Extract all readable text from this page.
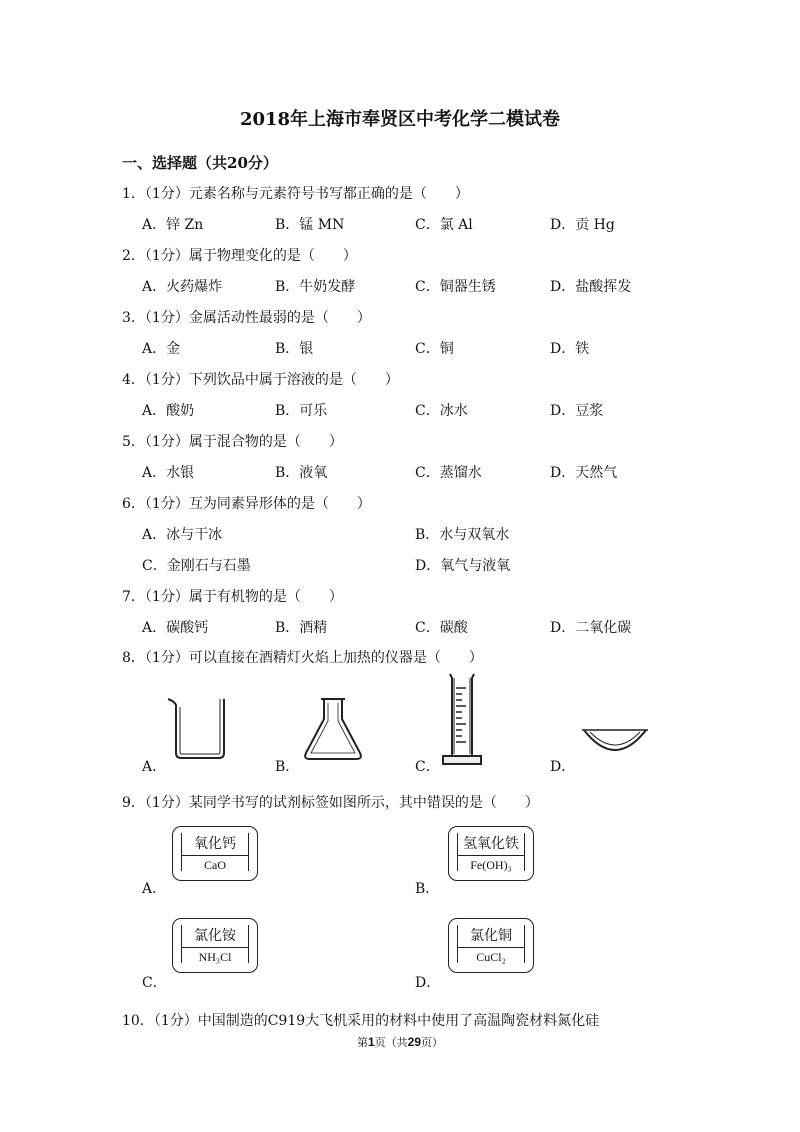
2018年上海市奉贤区中考化学二模试卷
一、选择题（共20分）
1．（1分）元素名称与元素符号书写都正确的是（　　）
A．锌 Zn	B．锰 MN	C．氯 Al	D．贡 Hg
2．（1分）属于物理变化的是（　　）
A．火药爆炸	B．牛奶发酵	C．铜器生锈	D．盐酸挥发
3．（1分）金属活动性最弱的是（　　）
A．金	B．银	C．铜	D．铁
4．（1分）下列饮品中属于溶液的是（　　）
A．酸奶	B．可乐	C．冰水	D．豆浆
5．（1分）属于混合物的是（　　）
A．水银	B．液氧	C．蒸馏水	D．天然气
6．（1分）互为同素异形体的是（　　）
A．冰与干冰	B．水与双氧水
C．金刚石与石墨	D．氧气与液氧
7．（1分）属于有机物的是（　　）
A．碳酸钙	B．酒精	C．碳酸	D．二氧化碳
8．（1分）可以直接在酒精灯火焰上加热的仪器是（　　）
A．	B．	C．	D．
9．（1分）某同学书写的试剂标签如图所示，其中错误的是（　　）
A．	B．
C．	D．
氧化钙
CaO
氢氧化铁
Fe(OH)₃
氯化铵
NH₃Cl
氯化铜
CuCl₂
10．（1分）中国制造的C919大飞机采用的材料中使用了高温陶瓷材料氮化硅
第1页（共29页）
